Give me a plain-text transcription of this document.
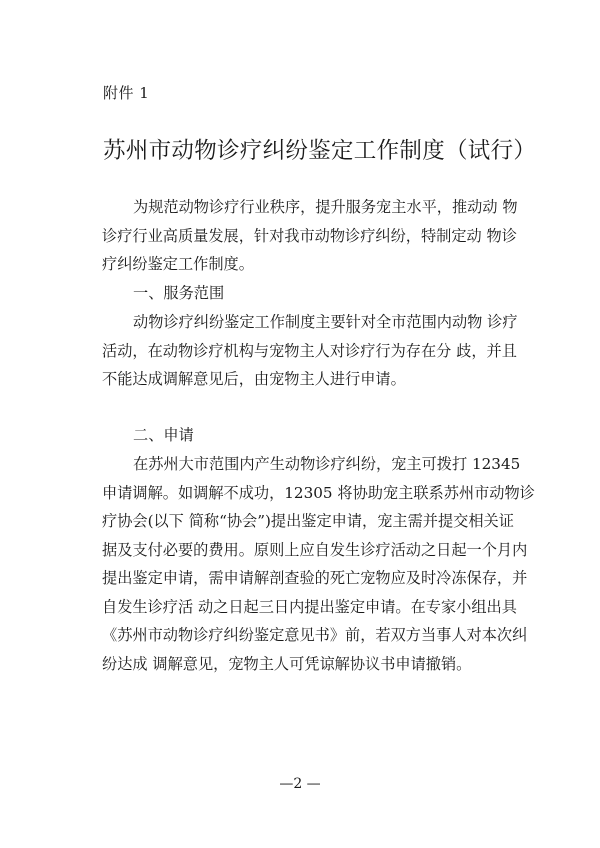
附件 1
苏州市动物诊疗纠纷鉴定工作制度（试行）
为规范动物诊疗行业秩序，提升服务宠主水平，推动动 物
诊疗行业高质量发展，针对我市动物诊疗纠纷，特制定动 物诊
疗纠纷鉴定工作制度。
一、服务范围
动物诊疗纠纷鉴定工作制度主要针对全市范围内动物 诊疗
活动，在动物诊疗机构与宠物主人对诊疗行为存在分 歧，并且
不能达成调解意见后，由宠物主人进行申请。
二、申请
在苏州大市范围内产生动物诊疗纠纷，宠主可拨打 12345
申请调解。如调解不成功，12305 将协助宠主联系苏州市动物诊
疗协会(以下 简称“协会”)提出鉴定申请，宠主需并提交相关证
据及支付必要的费用。原则上应自发生诊疗活动之日起一个月内
提出鉴定申请，需申请解剖查验的死亡宠物应及时冷冻保存，并
自发生诊疗活 动之日起三日内提出鉴定申请。在专家小组出具
《苏州市动物诊疗纠纷鉴定意见书》前，若双方当事人对本次纠
纷达成 调解意见，宠物主人可凭谅解协议书申请撤销。
—2 —
